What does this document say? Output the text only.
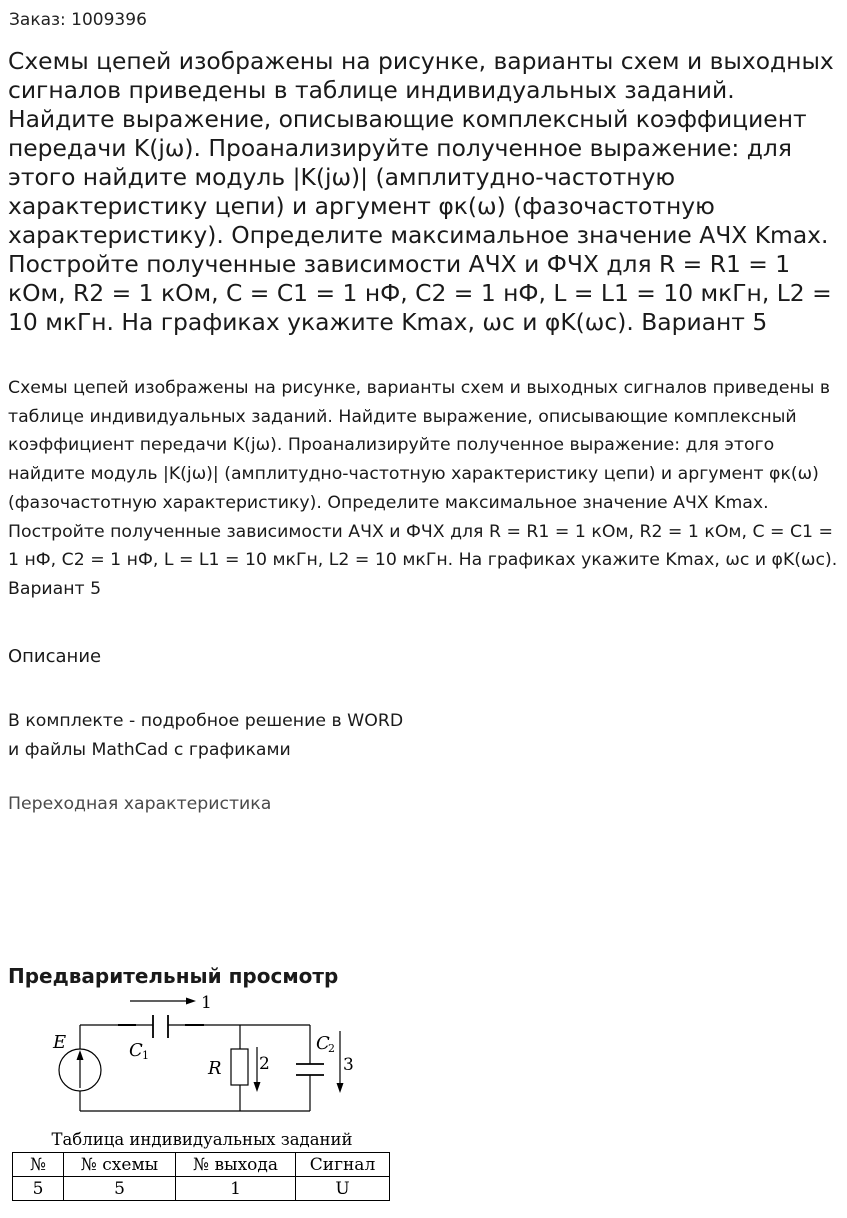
Заказ: 1009396
Схемы цепей изображены на рисунке, варианты схем и выходных сигналов приведены в таблице индивидуальных заданий. Найдите выражение, описывающие комплексный коэффициент передачи K(jω). Проанализируйте полученное выражение: для этого найдите модуль |K(jω)| (амплитудно-частотную характеристику цепи) и аргумент φк(ω) (фазочастотную характеристику). Определите максимальное значение АЧХ Kmax. Постройте полученные зависимости АЧХ и ФЧХ для R = R1 = 1 кОм, R2 = 1 кОм, C = C1 = 1 нФ, C2 = 1 нФ, L = L1 = 10 мкГн, L2 = 10 мкГн. На графиках укажите Kmax, ωc и φK(ωc). Вариант 5
Схемы цепей изображены на рисунке, варианты схем и выходных сигналов приведены в таблице индивидуальных заданий. Найдите выражение, описывающие комплексный коэффициент передачи K(jω). Проанализируйте полученное выражение: для этого найдите модуль |K(jω)| (амплитудно-частотную характеристику цепи) и аргумент φк(ω) (фазочастотную характеристику). Определите максимальное значение АЧХ Kmax. Постройте полученные зависимости АЧХ и ФЧХ для R = R1 = 1 кОм, R2 = 1 кОм, C = C1 = 1 нФ, C2 = 1 нФ, L = L1 = 10 мкГн, L2 = 10 мкГн. На графиках укажите Kmax, ωc и φK(ωc). Вариант 5
Описание
В комплекте - подробное решение в WORD и файлы MathCad с графиками
Переходная характеристика
Предварительный просмотр
E	C 1
R
C
2
1
2	3
Таблица индивидуальных заданий
№	№ схемы	№ выхода	Сигнал
5	5	1	U
